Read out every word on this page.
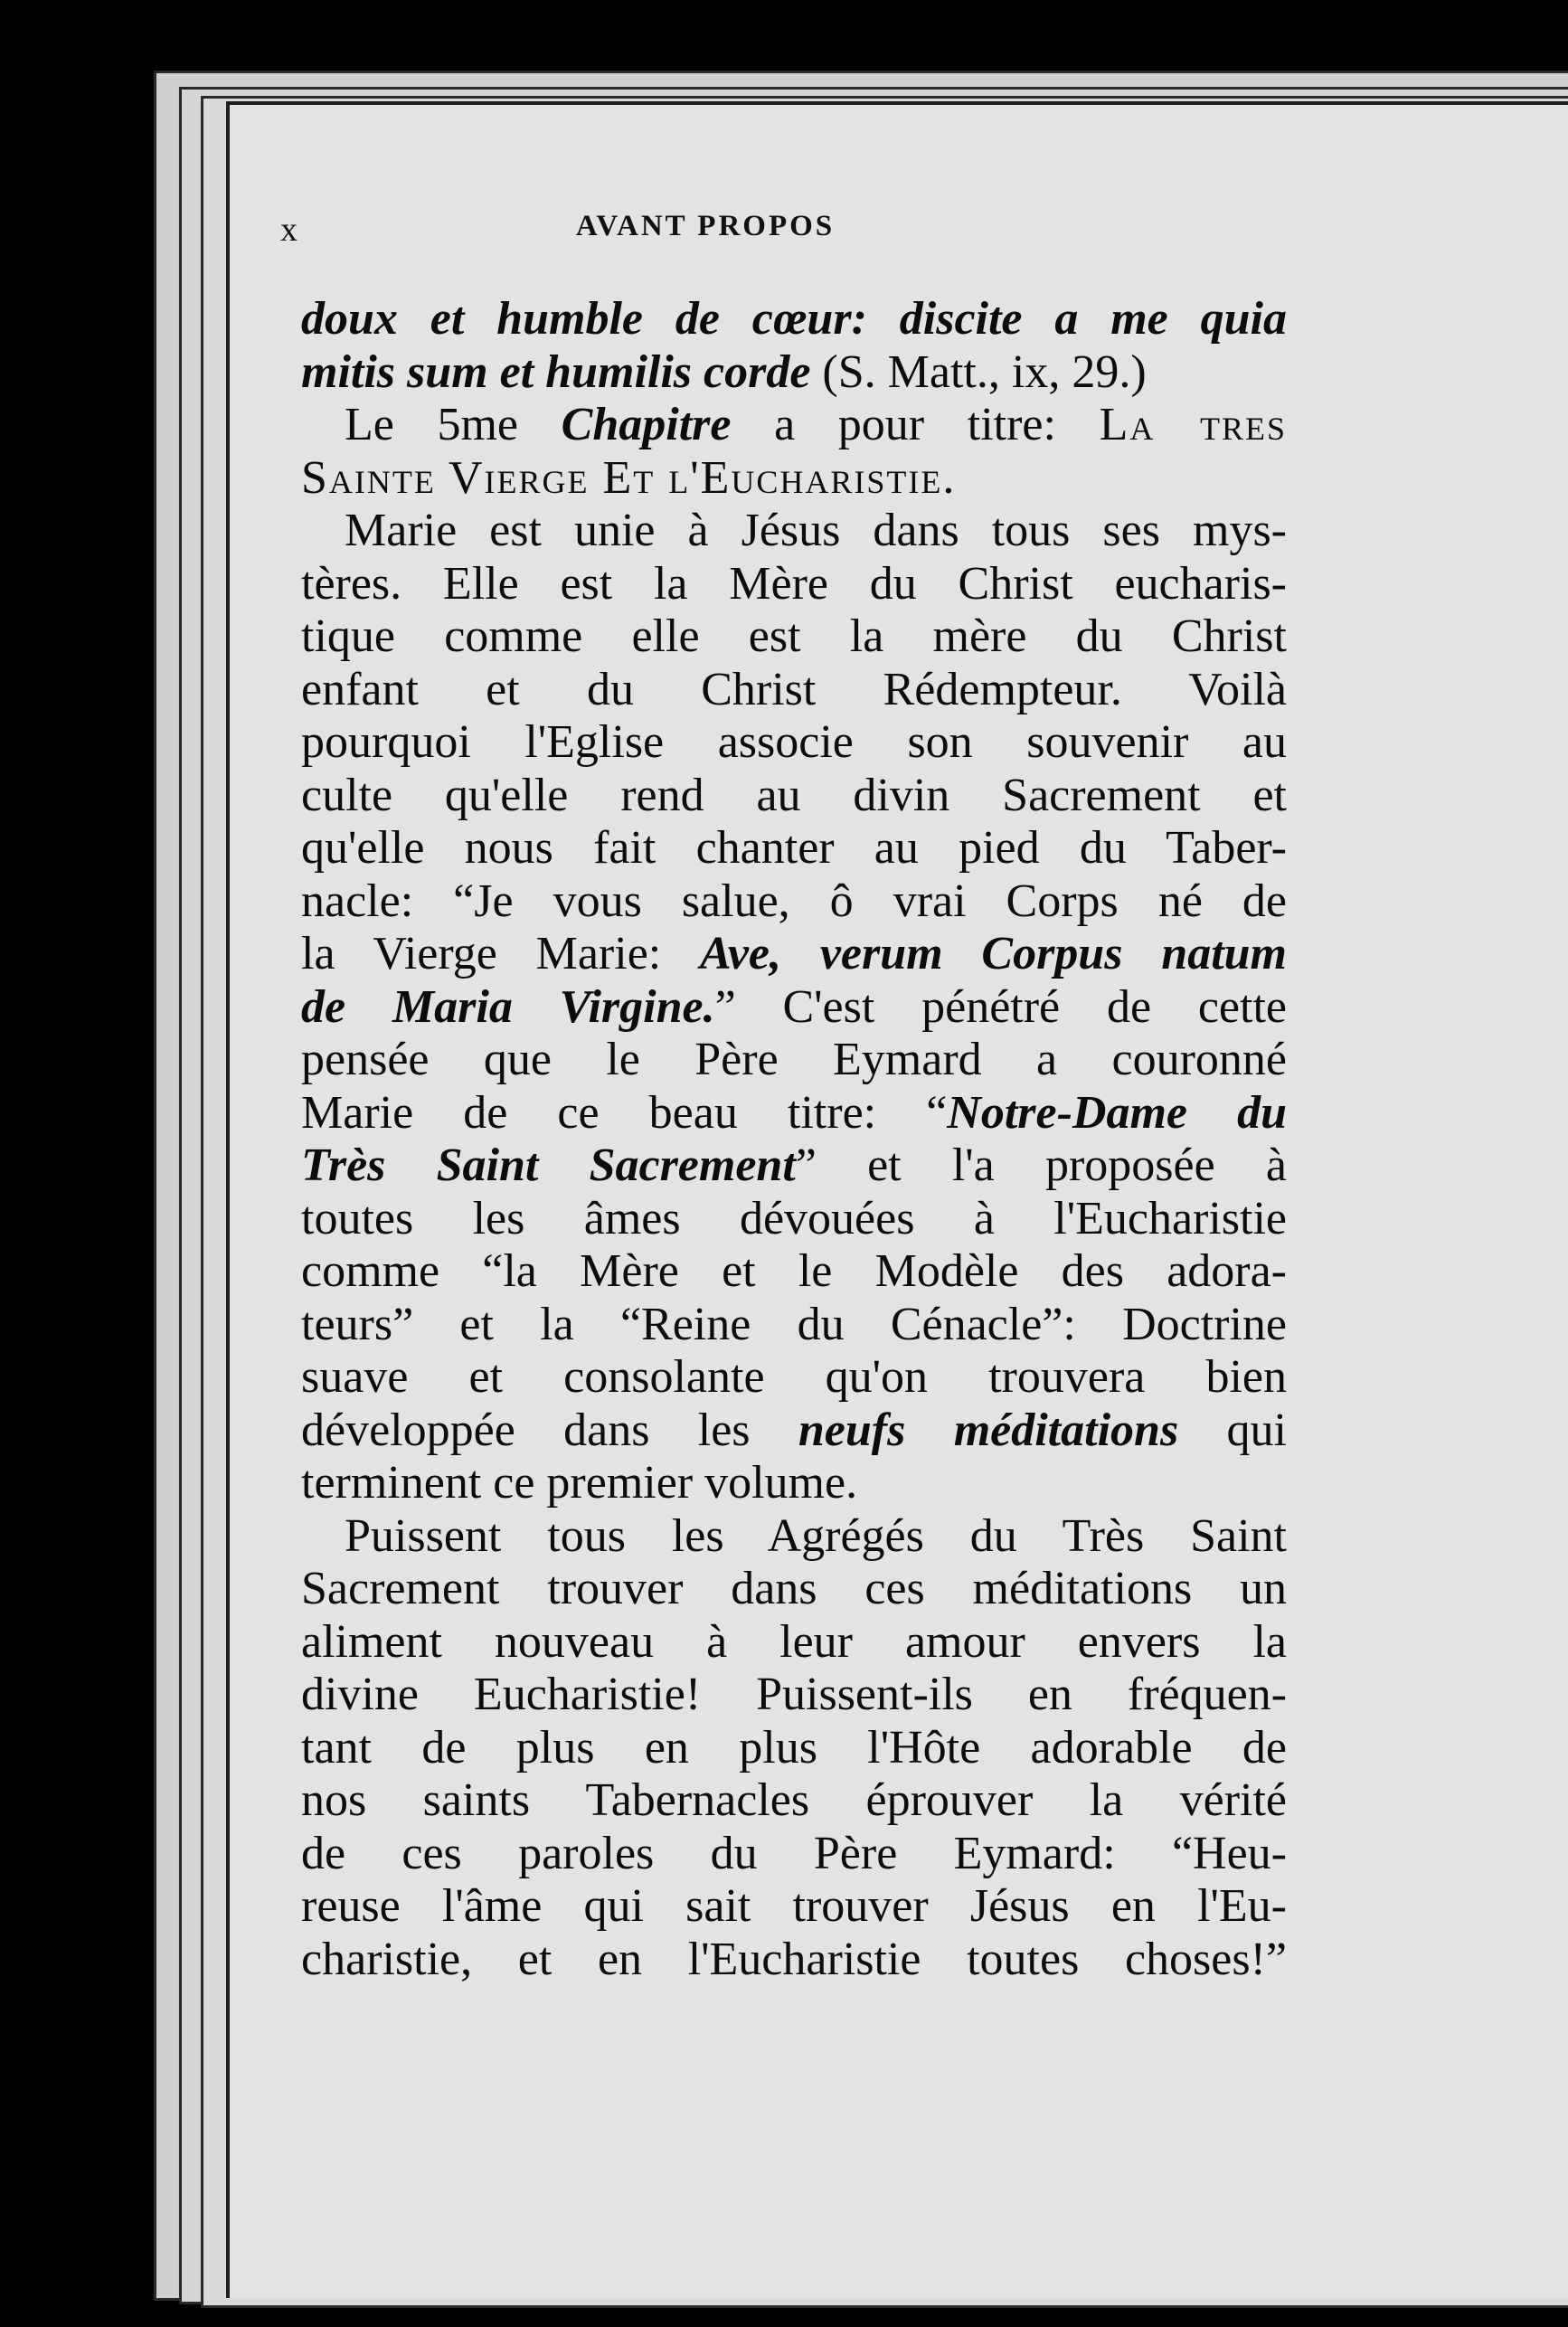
x	AVANT PROPOS
doux et humble de cœur: discite a me quia
mitis sum et humilis corde (S. Matt., ix, 29.)
Le 5me Chapitre a pour titre: La tres
Sainte Vierge Et l'Eucharistie.
Marie est unie à Jésus dans tous ses mys-
tères. Elle est la Mère du Christ eucharis-
tique comme elle est la mère du Christ
enfant et du Christ Rédempteur. Voilà
pourquoi l'Eglise associe son souvenir au
culte qu'elle rend au divin Sacrement et
qu'elle nous fait chanter au pied du Taber-
nacle: “Je vous salue, ô vrai Corps né de
la Vierge Marie: Ave, verum Corpus natum
de Maria Virgine.” C'est pénétré de cette
pensée que le Père Eymard a couronné
Marie de ce beau titre: “Notre-Dame du
Très Saint Sacrement” et l'a proposée à
toutes les âmes dévouées à l'Eucharistie
comme “la Mère et le Modèle des adora-
teurs” et la “Reine du Cénacle”: Doctrine
suave et consolante qu'on trouvera bien
développée dans les neufs méditations qui
terminent ce premier volume.
Puissent tous les Agrégés du Très Saint
Sacrement trouver dans ces méditations un
aliment nouveau à leur amour envers la
divine Eucharistie! Puissent-ils en fréquen-
tant de plus en plus l'Hôte adorable de
nos saints Tabernacles éprouver la vérité
de ces paroles du Père Eymard: “Heu-
reuse l'âme qui sait trouver Jésus en l'Eu-
charistie, et en l'Eucharistie toutes choses!”
